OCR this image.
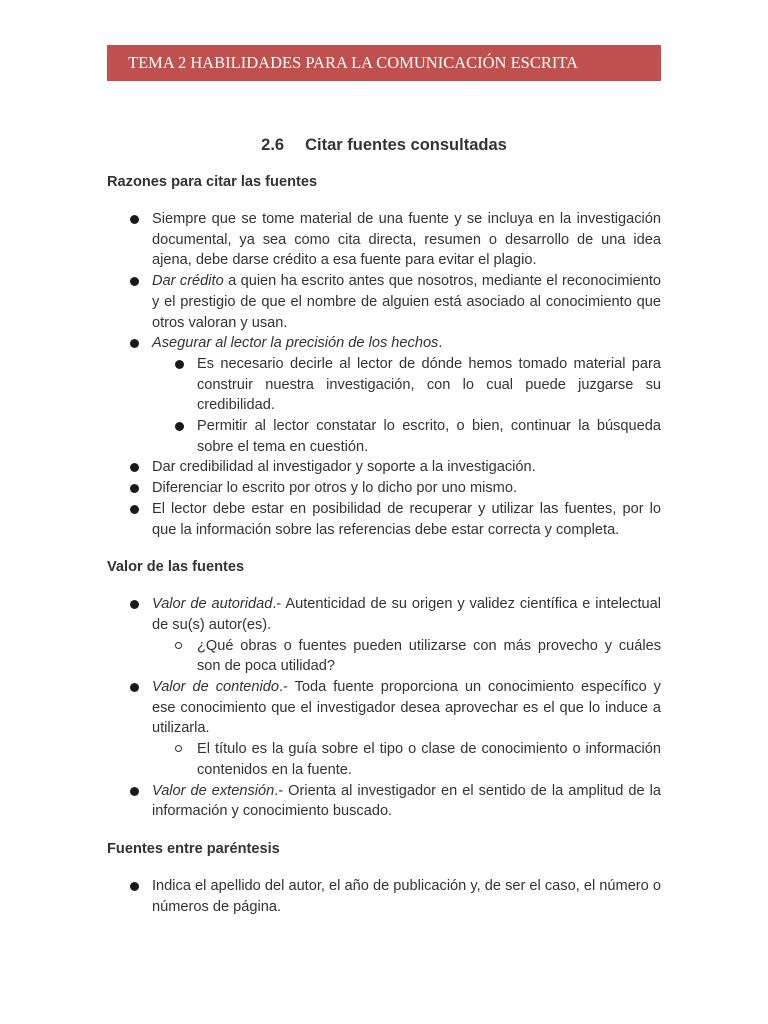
TEMA 2 HABILIDADES PARA LA COMUNICACIÓN ESCRITA
2.6 Citar fuentes consultadas
Razones para citar las fuentes
Siempre que se tome material de una fuente y se incluya en la investigación documental, ya sea como cita directa, resumen o desarrollo de una idea ajena, debe darse crédito a esa fuente para evitar el plagio.
Dar crédito a quien ha escrito antes que nosotros, mediante el reconocimiento y el prestigio de que el nombre de alguien está asociado al conocimiento que otros valoran y usan.
Asegurar al lector la precisión de los hechos.
Es necesario decirle al lector de dónde hemos tomado material para construir nuestra investigación, con lo cual puede juzgarse su credibilidad.
Permitir al lector constatar lo escrito, o bien, continuar la búsqueda sobre el tema en cuestión.
Dar credibilidad al investigador y soporte a la investigación.
Diferenciar lo escrito por otros y lo dicho por uno mismo.
El lector debe estar en posibilidad de recuperar y utilizar las fuentes, por lo que la información sobre las referencias debe estar correcta y completa.
Valor de las fuentes
Valor de autoridad.- Autenticidad de su origen y validez científica e intelectual de su(s) autor(es).
¿Qué obras o fuentes pueden utilizarse con más provecho y cuáles son de poca utilidad?
Valor de contenido.- Toda fuente proporciona un conocimiento específico y ese conocimiento que el investigador desea aprovechar es el que lo induce a utilizarla.
El título es la guía sobre el tipo o clase de conocimiento o información contenidos en la fuente.
Valor de extensión.- Orienta al investigador en el sentido de la amplitud de la información y conocimiento buscado.
Fuentes entre paréntesis
Indica el apellido del autor, el año de publicación y, de ser el caso, el número o números de página.
